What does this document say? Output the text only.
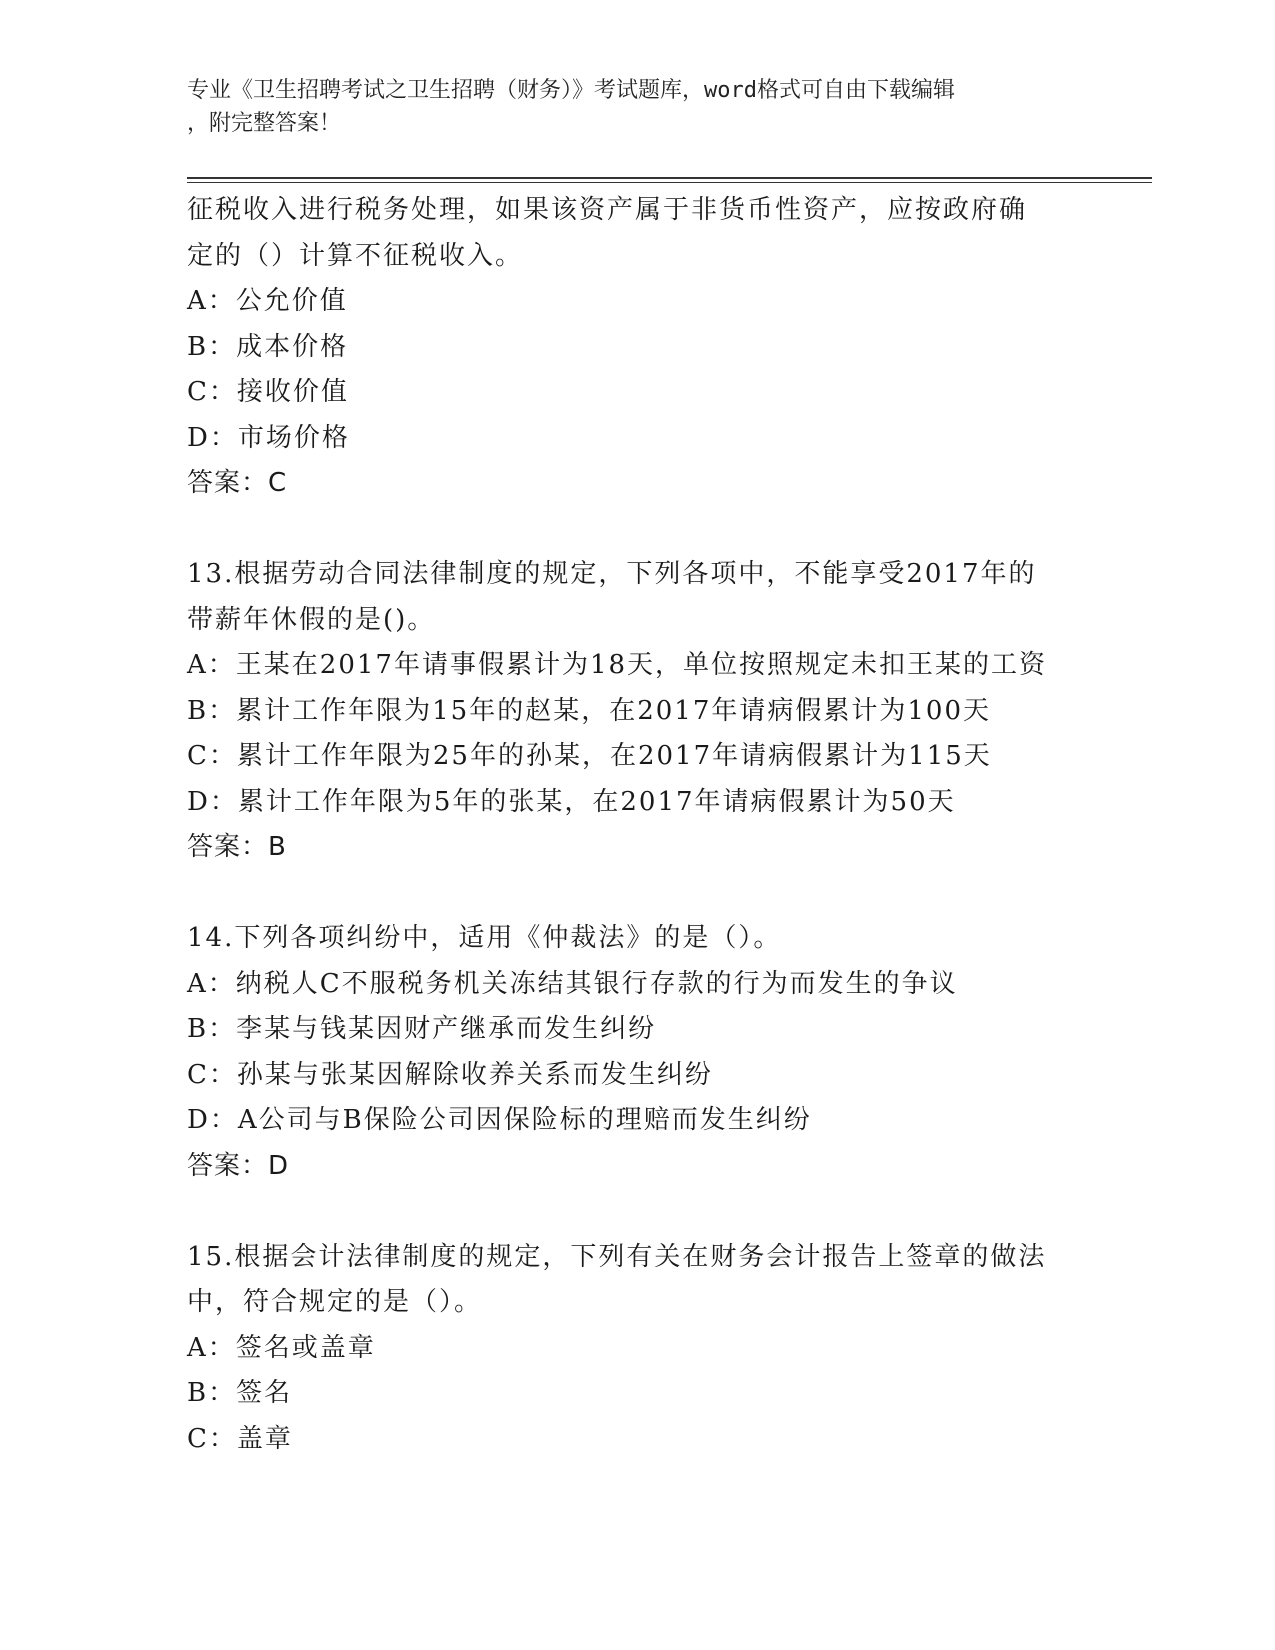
专业《卫生招聘考试之卫生招聘（财务）》考试题库，word格式可自由下载编辑
，附完整答案！
征税收入进行税务处理，如果该资产属于非货币性资产，应按政府确
定的（）计算不征税收入。
A：公允价值
B：成本价格
C：接收价值
D：市场价格
答案：C
13.根据劳动合同法律制度的规定，下列各项中，不能享受2017年的
带薪年休假的是()。
A：王某在2017年请事假累计为18天，单位按照规定未扣王某的工资
B：累计工作年限为15年的赵某，在2017年请病假累计为100天
C：累计工作年限为25年的孙某，在2017年请病假累计为115天
D：累计工作年限为5年的张某，在2017年请病假累计为50天
答案：B
14.下列各项纠纷中，适用《仲裁法》的是（）。
A：纳税人C不服税务机关冻结其银行存款的行为而发生的争议
B：李某与钱某因财产继承而发生纠纷
C：孙某与张某因解除收养关系而发生纠纷
D：A公司与B保险公司因保险标的理赔而发生纠纷
答案：D
15.根据会计法律制度的规定，下列有关在财务会计报告上签章的做法
中，符合规定的是（）。
A：签名或盖章
B：签名
C：盖章
